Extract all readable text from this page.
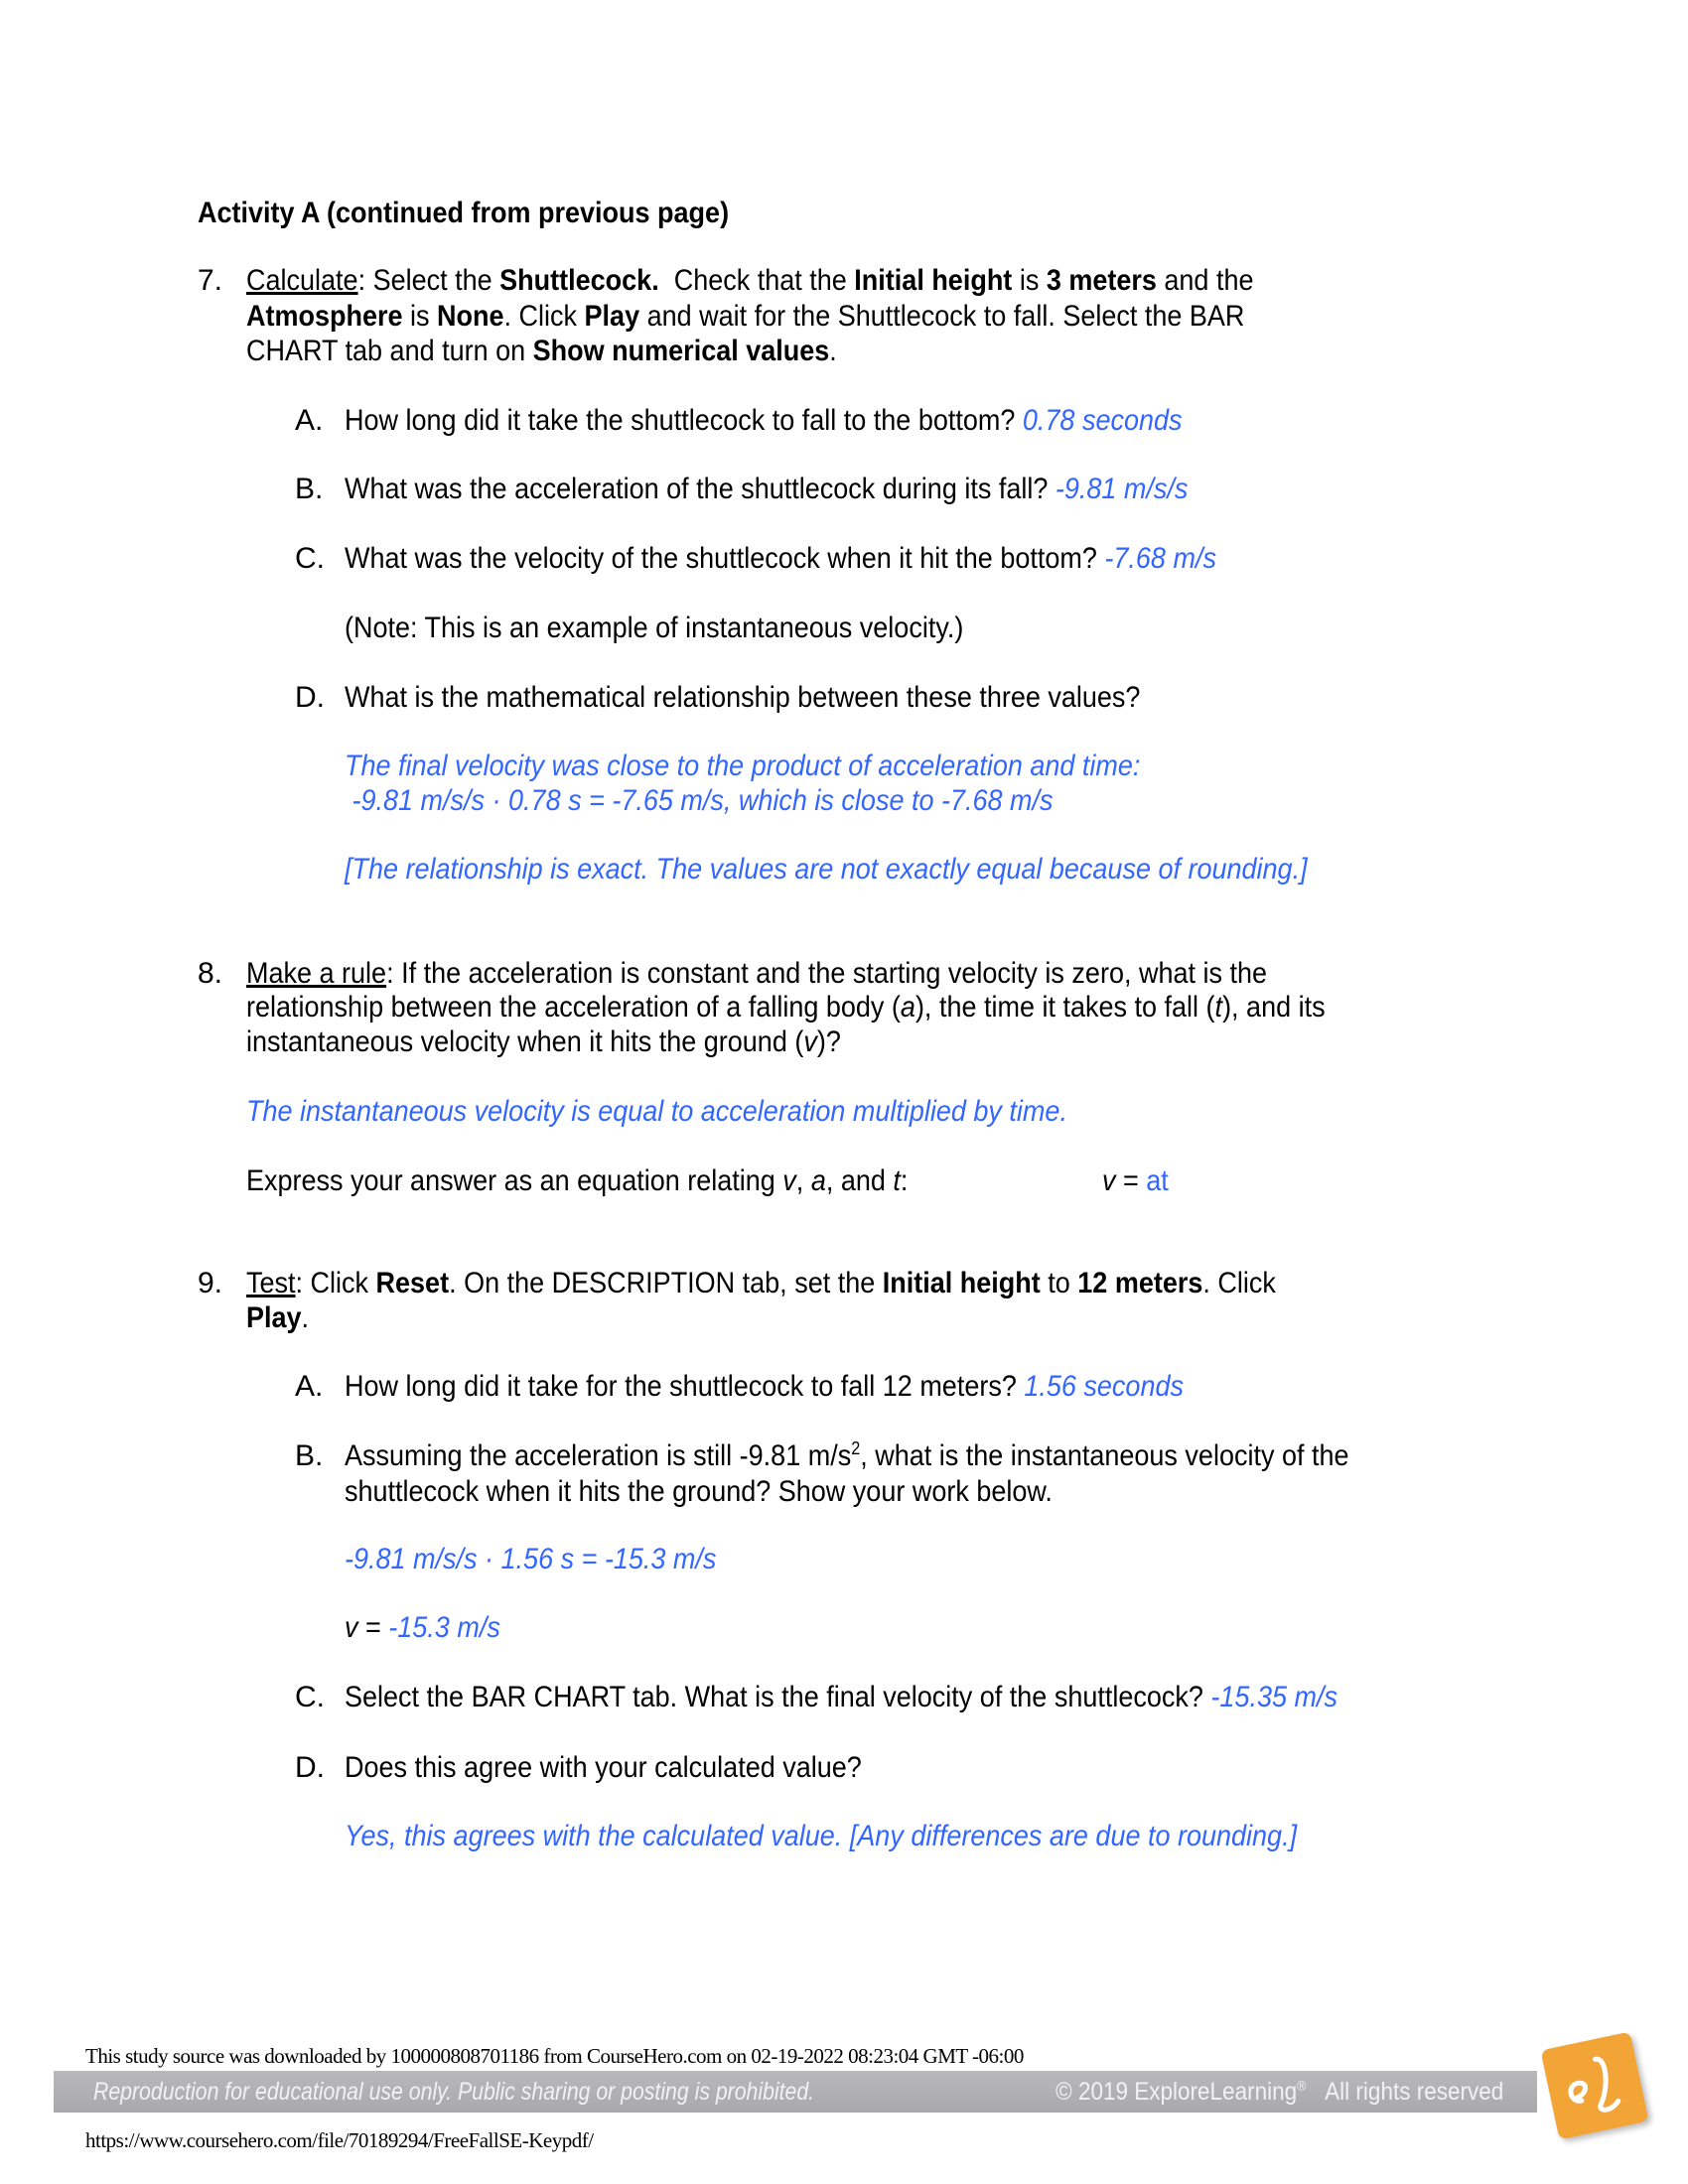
Activity A (continued from previous page)
7. Calculate: Select the Shuttlecock.  Check that the Initial height is 3 meters and the
Atmosphere is None. Click Play and wait for the Shuttlecock to fall. Select the BAR
CHART tab and turn on Show numerical values.
A. How long did it take the shuttlecock to fall to the bottom? 0.78 seconds
B. What was the acceleration of the shuttlecock during its fall? -9.81 m/s/s
C. What was the velocity of the shuttlecock when it hit the bottom? -7.68 m/s
(Note: This is an example of instantaneous velocity.)
D. What is the mathematical relationship between these three values?
The final velocity was close to the product of acceleration and time:
-9.81 m/s/s · 0.78 s = -7.65 m/s, which is close to -7.68 m/s
[The relationship is exact. The values are not exactly equal because of rounding.]
8. Make a rule: If the acceleration is constant and the starting velocity is zero, what is the
relationship between the acceleration of a falling body (a), the time it takes to fall (t), and its
instantaneous velocity when it hits the ground (v)?
The instantaneous velocity is equal to acceleration multiplied by time.
Express your answer as an equation relating v, a, and t:	v = at
9. Test: Click Reset. On the DESCRIPTION tab, set the Initial height to 12 meters. Click
Play.
A. How long did it take for the shuttlecock to fall 12 meters? 1.56 seconds
B. Assuming the acceleration is still -9.81 $m/s^2$, what is the instantaneous velocity of the
shuttlecock when it hits the ground? Show your work below.
-9.81 m/s/s · 1.56 s = -15.3 m/s
v = -15.3 m/s
C. Select the BAR CHART tab. What is the final velocity of the shuttlecock? -15.35 m/s
D. Does this agree with your calculated value?
Yes, this agrees with the calculated value. [Any differences are due to rounding.]
This study source was downloaded by 100000808701186 from CourseHero.com on 02-19-2022 08:23:04 GMT -06:00
Reproduction for educational use only. Public sharing or posting is prohibited.	© 2019 ExploreLearning® All rights reserved
https://www.coursehero.com/file/70189294/FreeFallSE-Keypdf/
